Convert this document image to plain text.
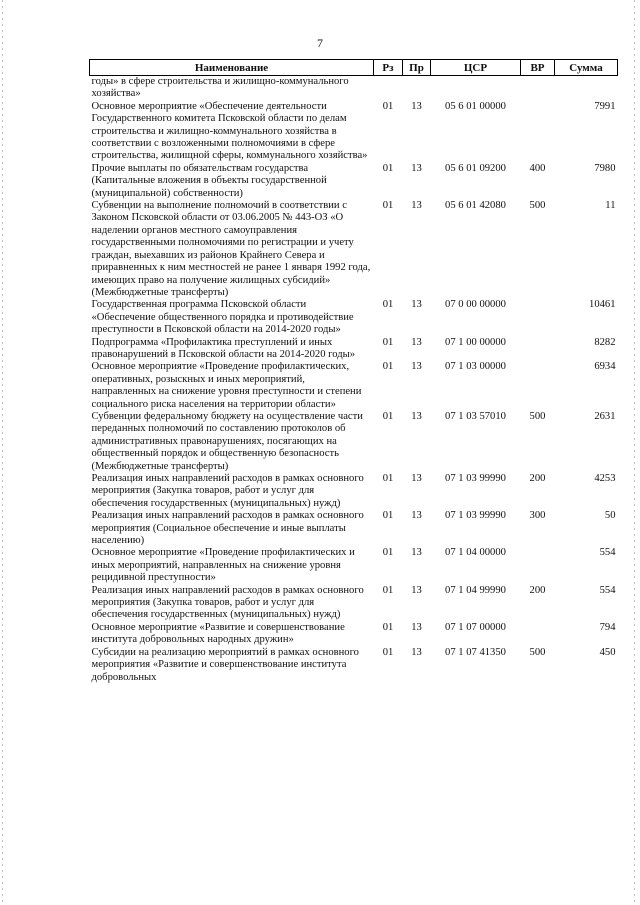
7
Наименование	Рз	Пр	ЦСР	ВР	Сумма
годы» в сфере строительства и жилищно-коммунального хозяйства»					
Основное мероприятие «Обеспечение деятельности Государственного комитета Псковской области по делам строительства и жилищно-коммунального хозяйства в соответствии с возложенными полномочиями в сфере строительства, жилищной сферы, коммунального хозяйства»	01	13	05 6 01 00000		7991
Прочие выплаты по обязательствам государства (Капитальные вложения в объекты государственной (муниципальной) собственности)	01	13	05 6 01 09200	400	7980
Субвенции на выполнение полномочий в соответствии с Законом Псковской области от 03.06.2005 № 443-ОЗ «О наделении органов местного самоуправления государственными полномочиями по регистрации и учету граждан, выехавших из районов Крайнего Севера и приравненных к ним местностей не ранее 1 января 1992 года, имеющих право на получение жилищных субсидий» (Межбюджетные трансферты)	01	13	05 6 01 42080	500	11
Государственная программа Псковской области «Обеспечение общественного порядка и противодействие преступности в Псковской области на 2014-2020 годы»	01	13	07 0 00 00000		10461
Подпрограмма «Профилактика преступлений и иных правонарушений в Псковской области на 2014-2020 годы»	01	13	07 1 00 00000		8282
Основное мероприятие «Проведение профилактических, оперативных, розыскных и иных мероприятий, направленных на снижение уровня преступности и степени социального риска населения на территории области»	01	13	07 1 03 00000		6934
Субвенции федеральному бюджету на осуществление части переданных полномочий по составлению протоколов об административных правонарушениях, посягающих на общественный порядок и общественную безопасность (Межбюджетные трансферты)	01	13	07 1 03 57010	500	2631
Реализация иных направлений расходов в рамках основного мероприятия (Закупка товаров, работ и услуг для обеспечения государственных (муниципальных) нужд)	01	13	07 1 03 99990	200	4253
Реализация иных направлений расходов в рамках основного мероприятия (Социальное обеспечение и иные выплаты населению)	01	13	07 1 03 99990	300	50
Основное мероприятие «Проведение профилактических и иных мероприятий, направленных на снижение уровня рецидивной преступности»	01	13	07 1 04 00000		554
Реализация иных направлений расходов в рамках основного мероприятия (Закупка товаров, работ и услуг для обеспечения государственных (муниципальных) нужд)	01	13	07 1 04 99990	200	554
Основное мероприятие «Развитие и совершенствование института добровольных народных дружин»	01	13	07 1 07 00000		794
Субсидии на реализацию мероприятий в рамках основного мероприятия «Развитие и совершенствование института добровольных	01	13	07 1 07 41350	500	450
